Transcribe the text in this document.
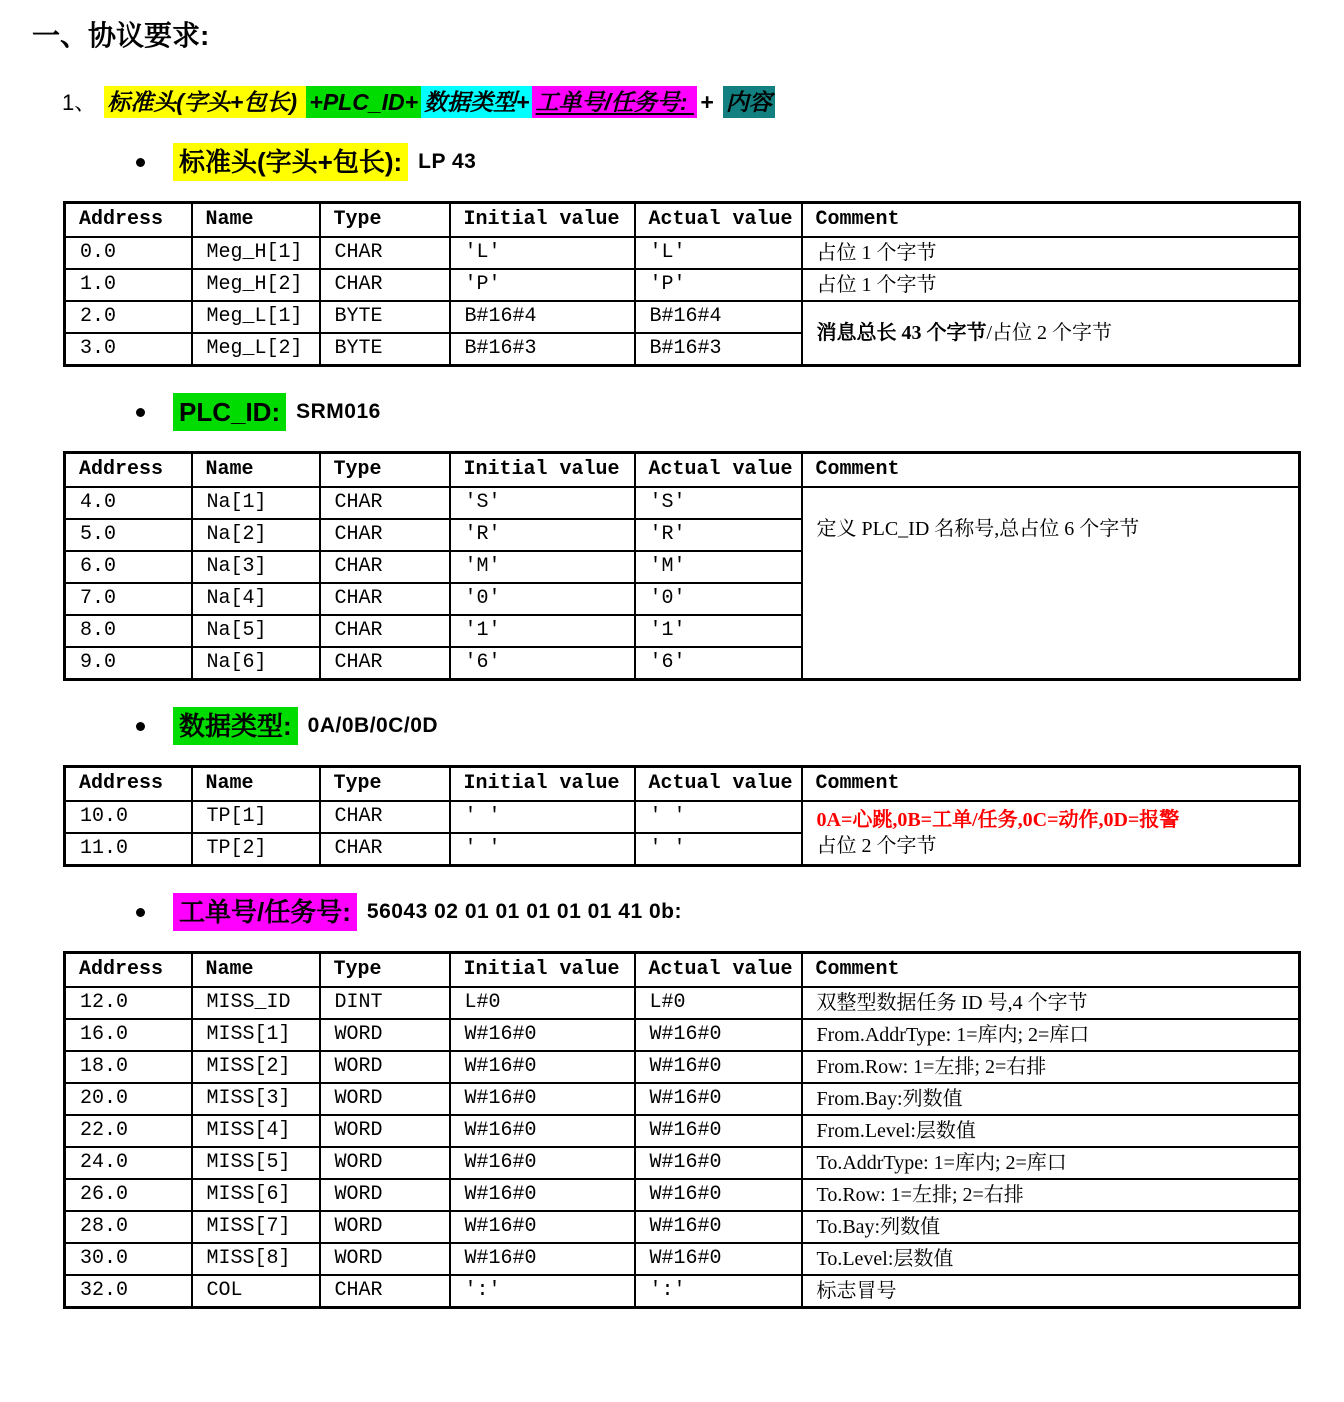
一、协议要求:
1、 标准头(字头+包长) +PLC_ID+ 数据类型+ 工单号/任务号: + 内容
标准头(字头+包长): LP 43
Address	Name	Type	Initial value	Actual value	Comment
0.0	Meg_H[1]	CHAR	'L'	'L'	占位 1 个字节
1.0	Meg_H[2]	CHAR	'P'	'P'	占位 1 个字节
2.0	Meg_L[1]	BYTE	B#16#4	B#16#4	消息总长 43 个字节/占位 2 个字节
3.0	Meg_L[2]	BYTE	B#16#3	B#16#3	
PLC_ID: SRM016
Address	Name	Type	Initial value	Actual value	Comment
4.0	Na[1]	CHAR	'S'	'S'	定义 PLC_ID 名称号,总占位 6 个字节
5.0	Na[2]	CHAR	'R'	'R'	
6.0	Na[3]	CHAR	'M'	'M'	
7.0	Na[4]	CHAR	'0'	'0'	
8.0	Na[5]	CHAR	'1'	'1'	
9.0	Na[6]	CHAR	'6'	'6'	
数据类型: 0A/0B/0C/0D
Address	Name	Type	Initial value	Actual value	Comment
10.0	TP[1]	CHAR	' '	' '	0A=心跳,0B=工单/任务,0C=动作,0D=报警
占位 2 个字节
11.0	TP[2]	CHAR	' '	' '	
工单号/任务号: 56043 02 01 01 01 01 01 41 0b:
Address	Name	Type	Initial value	Actual value	Comment
12.0	MISS_ID	DINT	L#0	L#0	双整型数据任务 ID 号,4 个字节
16.0	MISS[1]	WORD	W#16#0	W#16#0	From.AddrType: 1=库内; 2=库口
18.0	MISS[2]	WORD	W#16#0	W#16#0	From.Row: 1=左排; 2=右排
20.0	MISS[3]	WORD	W#16#0	W#16#0	From.Bay:列数值
22.0	MISS[4]	WORD	W#16#0	W#16#0	From.Level:层数值
24.0	MISS[5]	WORD	W#16#0	W#16#0	To.AddrType: 1=库内; 2=库口
26.0	MISS[6]	WORD	W#16#0	W#16#0	To.Row: 1=左排; 2=右排
28.0	MISS[7]	WORD	W#16#0	W#16#0	To.Bay:列数值
30.0	MISS[8]	WORD	W#16#0	W#16#0	To.Level:层数值
32.0	COL	CHAR	':'	':'	标志冒号
